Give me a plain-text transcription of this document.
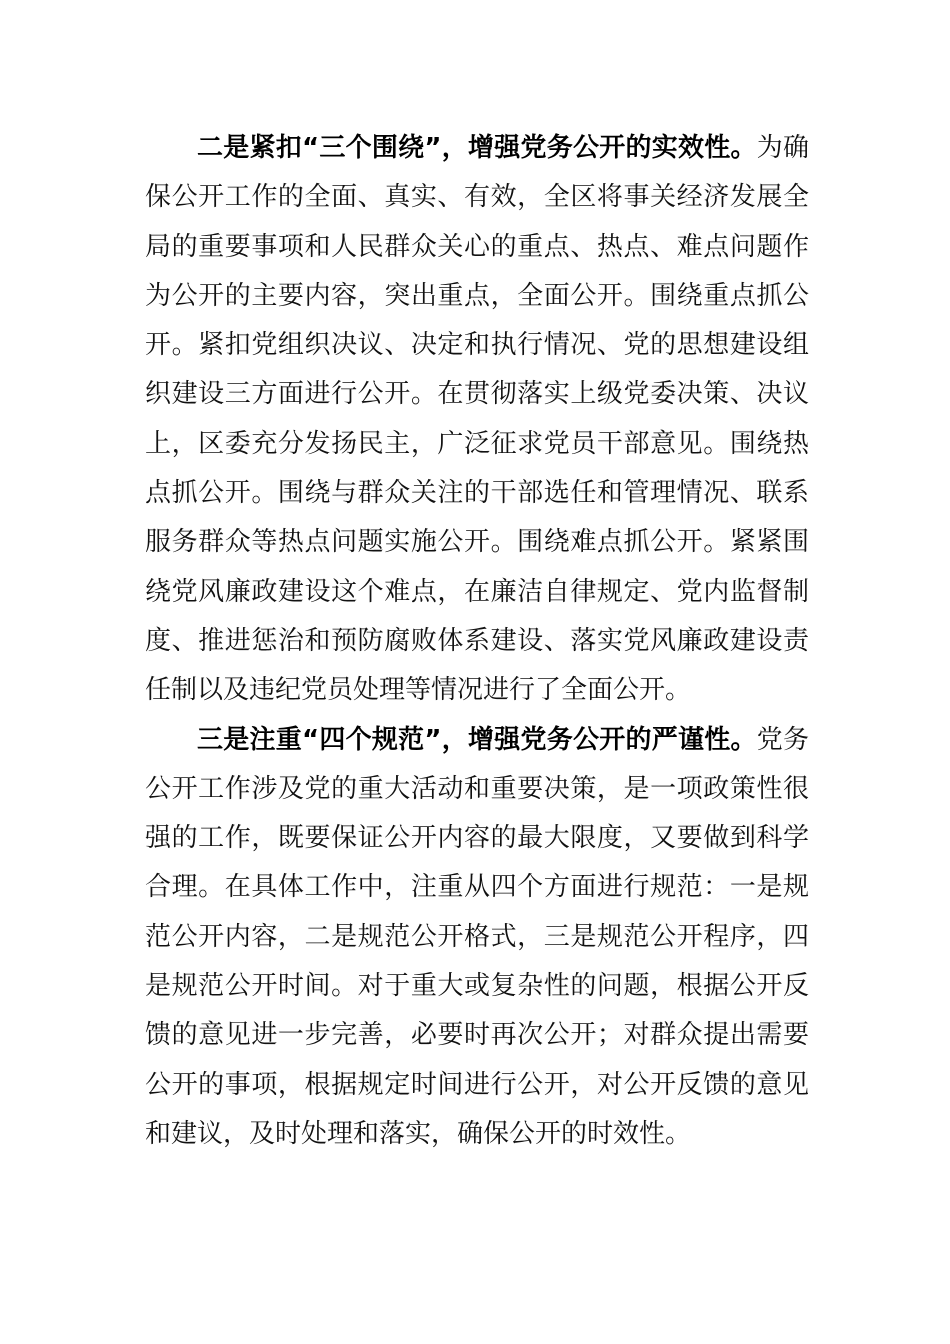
二是紧扣“三个围绕”，增强党务公开的实效性。为确保公开工作的全面、真实、有效，全区将事关经济发展全局的重要事项和人民群众关心的重点、热点、难点问题作为公开的主要内容，突出重点，全面公开。围绕重点抓公开。紧扣党组织决议、决定和执行情况、党的思想建设组织建设三方面进行公开。在贯彻落实上级党委决策、决议上，区委充分发扬民主，广泛征求党员干部意见。围绕热点抓公开。围绕与群众关注的干部选任和管理情况、联系服务群众等热点问题实施公开。围绕难点抓公开。紧紧围绕党风廉政建设这个难点，在廉洁自律规定、党内监督制度、推进惩治和预防腐败体系建设、落实党风廉政建设责任制以及违纪党员处理等情况进行了全面公开。

三是注重“四个规范”，增强党务公开的严谨性。党务公开工作涉及党的重大活动和重要决策，是一项政策性很强的工作，既要保证公开内容的最大限度，又要做到科学合理。在具体工作中，注重从四个方面进行规范：一是规范公开内容，二是规范公开格式，三是规范公开程序，四是规范公开时间。对于重大或复杂性的问题，根据公开反馈的意见进一步完善，必要时再次公开；对群众提出需要公开的事项，根据规定时间进行公开，对公开反馈的意见和建议，及时处理和落实，确保公开的时效性。
